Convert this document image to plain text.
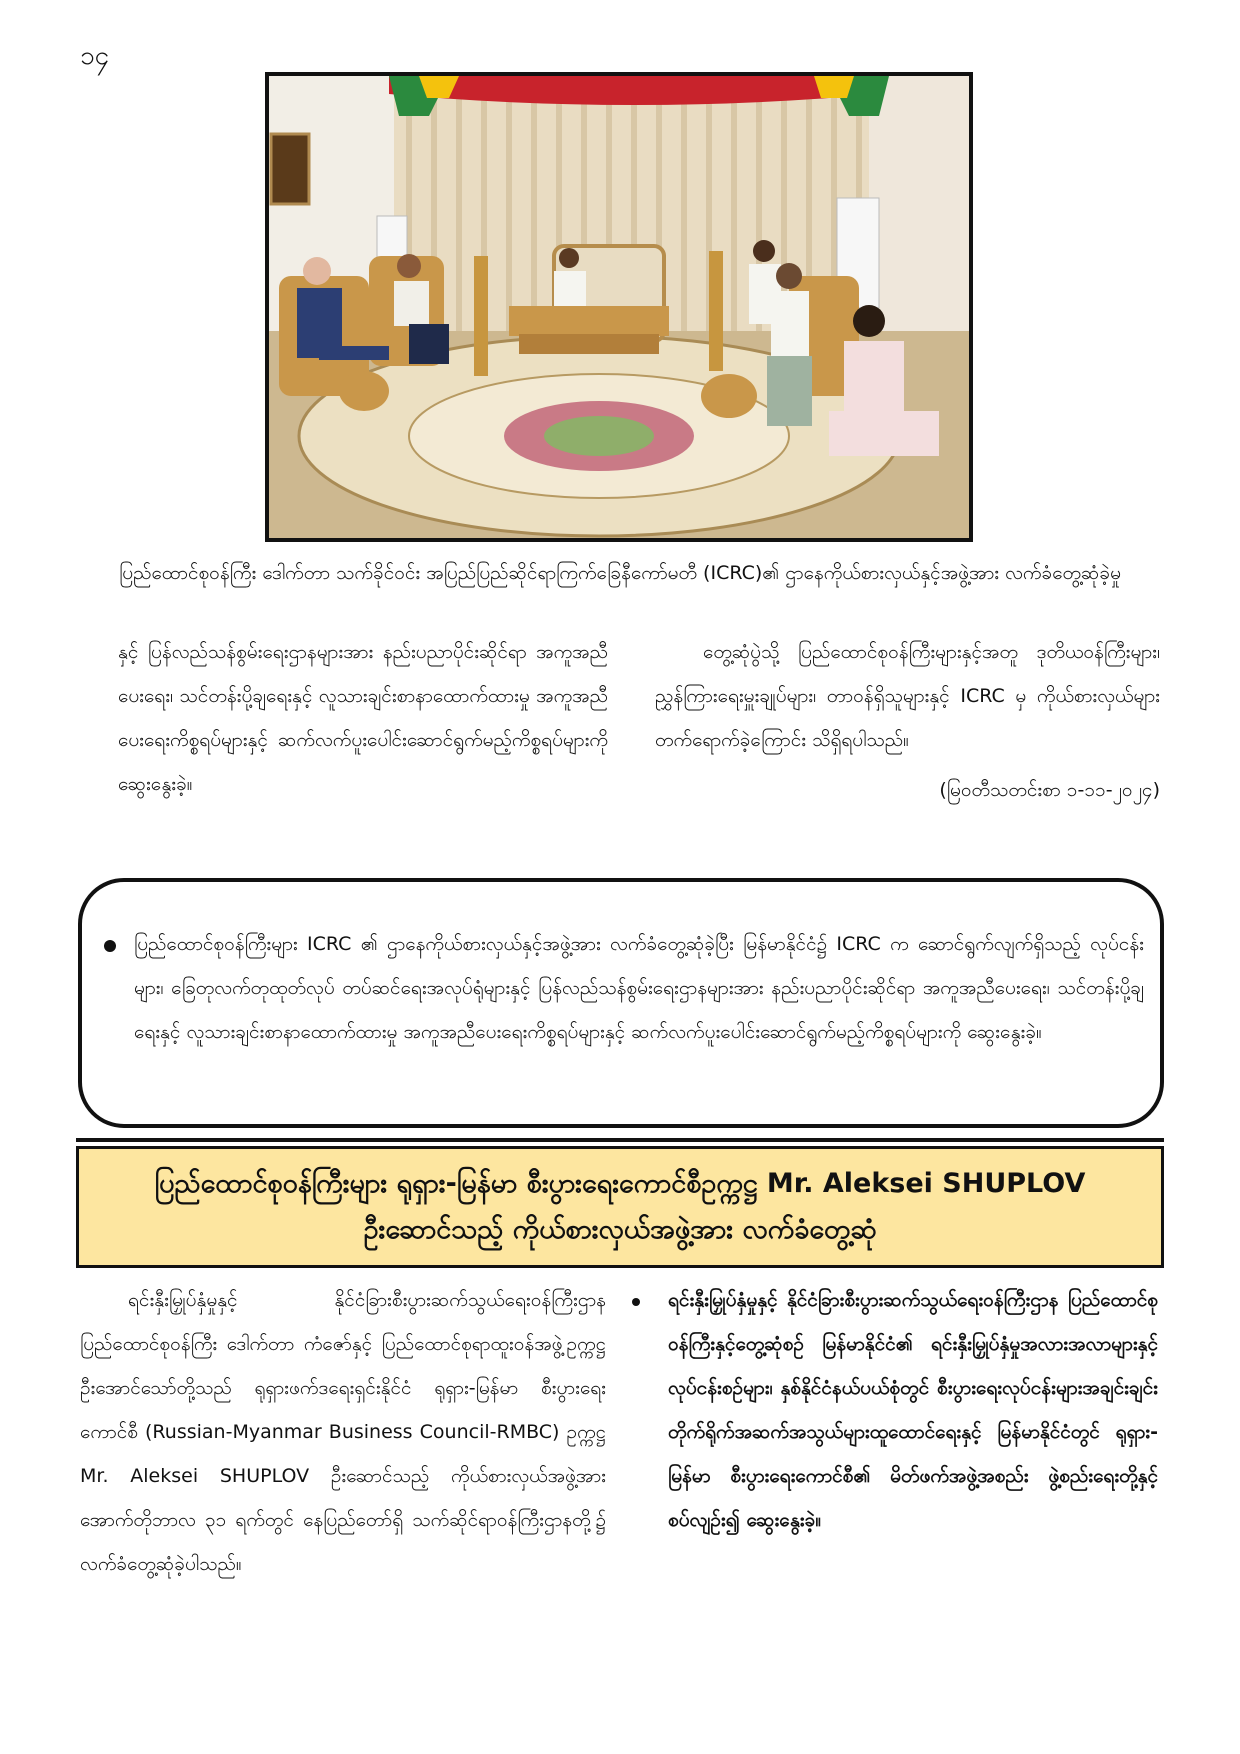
၁၄
ပြည်ထောင်စုဝန်ကြီး ဒေါက်တာ သက်ခိုင်ဝင်း အပြည်ပြည်ဆိုင်ရာကြက်ခြေနီကော်မတီ (ICRC)၏ ဌာနေကိုယ်စားလှယ်နှင့်အဖွဲ့အား လက်ခံတွေ့ဆုံခဲ့မှု

နှင့် ပြန်လည်သန်စွမ်းရေးဌာနများအား နည်းပညာပိုင်းဆိုင်ရာ အကူအညီပေးရေး၊ သင်တန်းပို့ချရေးနှင့် လူသားချင်းစာနာထောက်ထားမှု အကူအညီပေးရေးကိစ္စရပ်များနှင့် ဆက်လက်ပူးပေါင်းဆောင်ရွက်မည့်ကိစ္စရပ်များကို ဆွေးနွေးခဲ့။

တွေ့ဆုံပွဲသို့ ပြည်ထောင်စုဝန်ကြီးများနှင့်အတူ ဒုတိယဝန်ကြီးများ၊ ညွှန်ကြားရေးမှူးချုပ်များ၊ တာဝန်ရှိသူများနှင့် ICRC မှ ကိုယ်စားလှယ်များ တက်ရောက်ခဲ့ကြောင်း သိရှိရပါသည်။

(မြဝတီသတင်းစာ ၁-၁၁-၂၀၂၄)

ပြည်ထောင်စုဝန်ကြီးများ ICRC ၏ ဌာနေကိုယ်စားလှယ်နှင့်အဖွဲ့အား လက်ခံတွေ့ဆုံခဲ့ပြီး မြန်မာနိုင်ငံ၌ ICRC က ဆောင်ရွက်လျက်ရှိသည့် လုပ်ငန်းများ၊ ခြေတုလက်တုထုတ်လုပ် တပ်ဆင်ရေးအလုပ်ရုံများနှင့် ပြန်လည်သန်စွမ်းရေးဌာနများအား နည်းပညာပိုင်းဆိုင်ရာ အကူအညီပေးရေး၊ သင်တန်းပို့ချရေးနှင့် လူသားချင်းစာနာထောက်ထားမှု အကူအညီပေးရေးကိစ္စရပ်များနှင့် ဆက်လက်ပူးပေါင်းဆောင်ရွက်မည့်ကိစ္စရပ်များကို ဆွေးနွေးခဲ့။
ပြည်ထောင်စုဝန်ကြီးများ ရုရှား-မြန်မာ စီးပွားရေးကောင်စီဥက္ကဋ္ဌ Mr. Aleksei SHUPLOV
ဦးဆောင်သည့် ကိုယ်စားလှယ်အဖွဲ့အား လက်ခံတွေ့ဆုံ

ရင်းနှီးမြှုပ်နှံမှုနှင့် နိုင်ငံခြားစီးပွားဆက်သွယ်ရေးဝန်ကြီးဌာန ပြည်ထောင်စုဝန်ကြီး ဒေါက်တာ ကံဇော်နှင့် ပြည်ထောင်စုရာထူးဝန်အဖွဲ့ဥက္ကဋ္ဌ ဦးအောင်သော်တို့သည် ရုရှားဖက်ဒရေးရှင်းနိုင်ငံ ရုရှား-မြန်မာ စီးပွားရေးကောင်စီ (Russian-Myanmar Business Council-RMBC) ဥက္ကဋ္ဌ Mr. Aleksei SHUPLOV ဦးဆောင်သည့် ကိုယ်စားလှယ်အဖွဲ့အား အောက်တိုဘာလ ၃၁ ရက်တွင် နေပြည်တော်ရှိ သက်ဆိုင်ရာဝန်ကြီးဌာနတို့၌ လက်ခံတွေ့ဆုံခဲ့ပါသည်။

ရင်းနှီးမြှုပ်နှံမှုနှင့် နိုင်ငံခြားစီးပွားဆက်သွယ်ရေးဝန်ကြီးဌာန ပြည်ထောင်စုဝန်ကြီးနှင့်တွေ့ဆုံစဉ် မြန်မာနိုင်ငံ၏ ရင်းနှီးမြှုပ်နှံမှုအလားအလာများနှင့် လုပ်ငန်းစဉ်များ၊ နှစ်နိုင်ငံနယ်ပယ်စုံတွင် စီးပွားရေးလုပ်ငန်းများအချင်းချင်း တိုက်ရိုက်အဆက်အသွယ်များထူထောင်ရေးနှင့် မြန်မာနိုင်ငံတွင် ရုရှား-မြန်မာ စီးပွားရေးကောင်စီ၏ မိတ်ဖက်အဖွဲ့အစည်း ဖွဲ့စည်းရေးတို့နှင့်စပ်လျဉ်း၍ ဆွေးနွေးခဲ့။
